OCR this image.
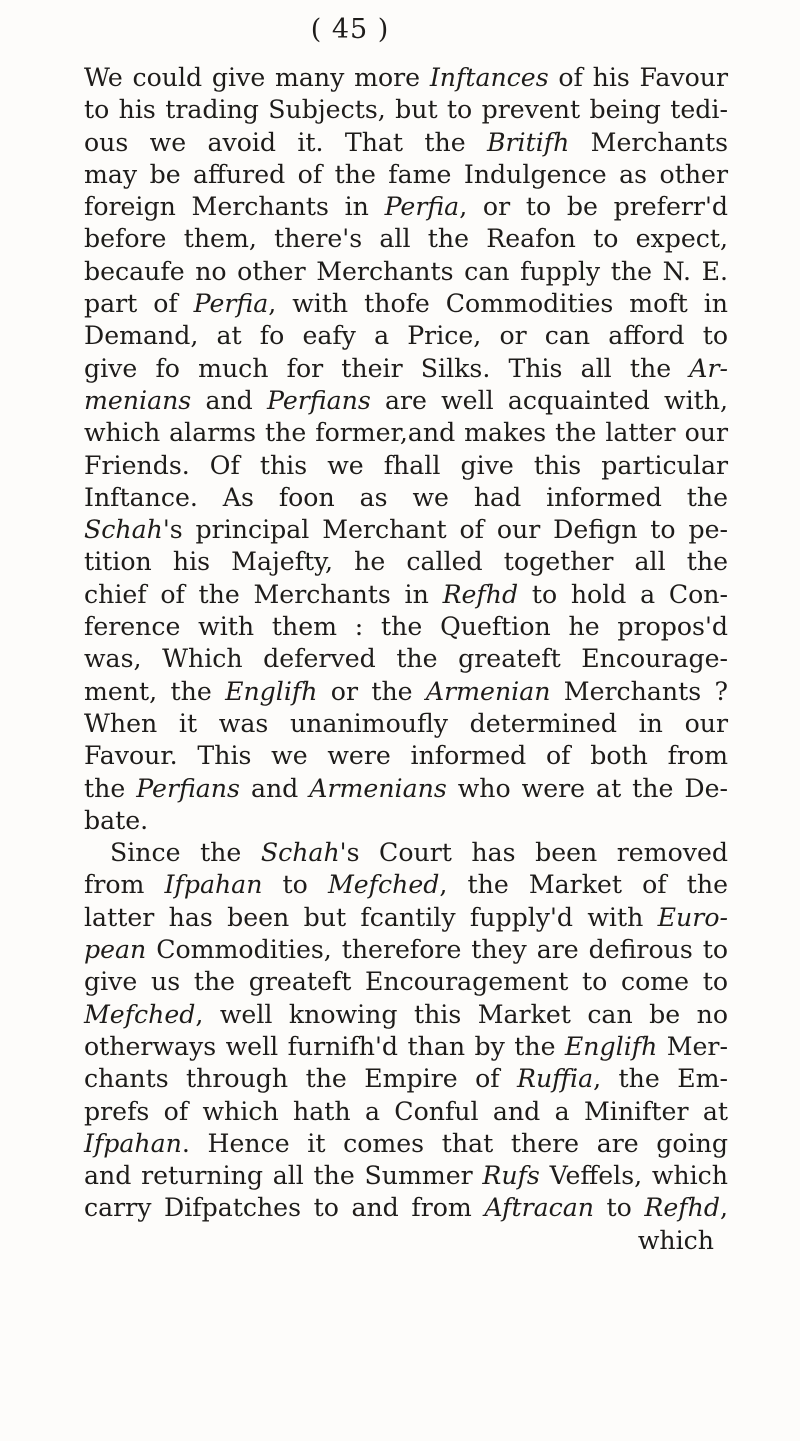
( 45 )
We could give many more Inftances of his Favour
to his trading Subjects, but to prevent being tedi-
ous we avoid it. That the Britifh Merchants
may be affured of the fame Indulgence as other
foreign Merchants in Perfia, or to be preferr'd
before them, there's all the Reafon to expect,
becaufe no other Merchants can fupply the N. E.
part of Perfia, with thofe Commodities moft in
Demand, at fo eafy a Price, or can afford to
give fo much for their Silks. This all the Ar-
menians and Perfians are well acquainted with,
which alarms the former,and makes the latter our
Friends. Of this we fhall give this particular
Inftance. As foon as we had informed the
Schah's principal Merchant of our Defign to pe-
tition his Majefty, he called together all the
chief of the Merchants in Refhd to hold a Con-
ference with them : the Queftion he propos'd
was, Which deferved the greateft Encourage-
ment, the Englifh or the Armenian Merchants ?
When it was unanimoufly determined in our
Favour. This we were informed of both from
the Perfians and Armenians who were at the De-
bate.
Since the Schah's Court has been removed
from Ifpahan to Mefched, the Market of the
latter has been but fcantily fupply'd with Euro-
pean Commodities, therefore they are defirous to
give us the greateft Encouragement to come to
Mefched, well knowing this Market can be no
otherways well furnifh'd than by the Englifh Mer-
chants through the Empire of Ruffia, the Em-
prefs of which hath a Conful and a Minifter at
Ifpahan. Hence it comes that there are going
and returning all the Summer Rufs Veffels, which
carry Difpatches to and from Aftracan to Refhd,
which
